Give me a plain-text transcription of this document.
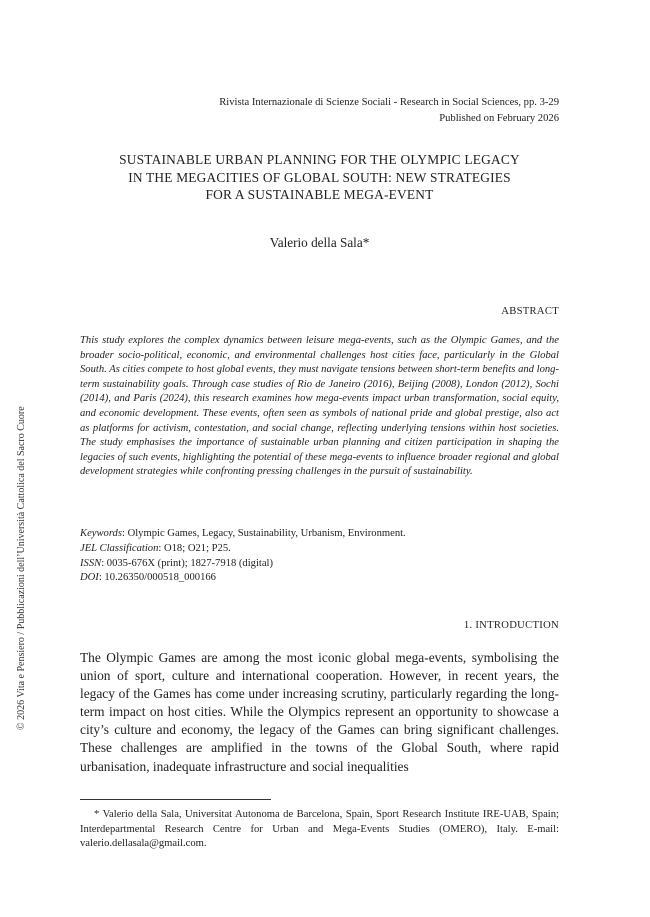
Rivista Internazionale di Scienze Sociali - Research in Social Sciences, pp. 3-29
Published on February 2026
SUSTAINABLE URBAN PLANNING FOR THE OLYMPIC LEGACY
IN THE MEGACITIES OF GLOBAL SOUTH: NEW STRATEGIES
FOR A SUSTAINABLE MEGA-EVENT
Valerio della Sala*
ABSTRACT
This study explores the complex dynamics between leisure mega-events, such as the Olympic Games, and the broader socio-political, economic, and environmental challenges host cities face, particularly in the Global South. As cities compete to host global events, they must navigate tensions between short-term benefits and long-term sustainability goals. Through case studies of Rio de Janeiro (2016), Beijing (2008), London (2012), Sochi (2014), and Paris (2024), this research examines how mega-events impact urban transformation, social equity, and economic development. These events, often seen as symbols of national pride and global prestige, also act as platforms for activism, contestation, and social change, reflecting underlying tensions within host societies. The study emphasises the importance of sustainable urban planning and citizen participation in shaping the legacies of such events, highlighting the potential of these mega-events to influence broader regional and global development strategies while confronting pressing challenges in the pursuit of sustainability.
Keywords: Olympic Games, Legacy, Sustainability, Urbanism, Environment.
JEL Classification: O18; O21; P25.
ISSN: 0035-676X (print); 1827-7918 (digital)
DOI: 10.26350/000518_000166
1. INTRODUCTION
The Olympic Games are among the most iconic global mega-events, symbolising the union of sport, culture and international cooperation. However, in recent years, the legacy of the Games has come under increasing scrutiny, particularly regarding the long-term impact on host cities. While the Olympics represent an opportunity to showcase a city’s culture and economy, the legacy of the Games can bring significant challenges. These challenges are amplified in the towns of the Global South, where rapid urbanisation, inadequate infrastructure and social inequalities
* Valerio della Sala, Universitat Autonoma de Barcelona, Spain, Sport Research Institute IRE-UAB, Spain; Interdepartmental Research Centre for Urban and Mega-Events Studies (OMERO), Italy. E-mail: valerio.dellasala@gmail.com.
© 2026 Vita e Pensiero / Pubblicazioni dell’Università Cattolica del Sacro Cuore
